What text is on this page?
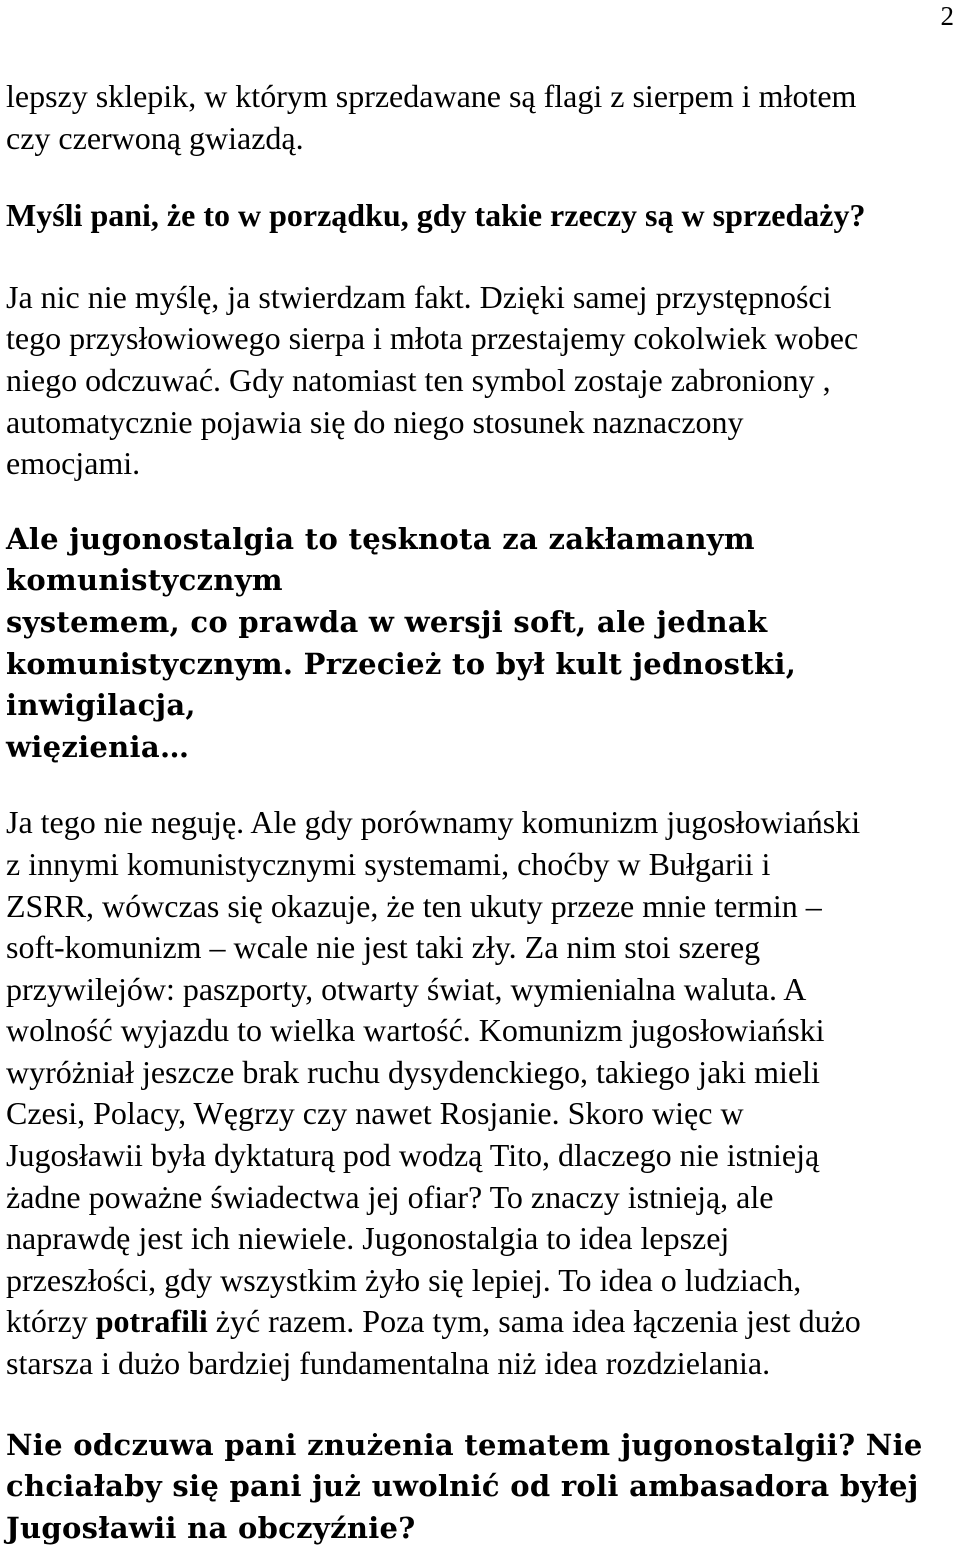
2

lepszy sklepik, w którym sprzedawane są flagi z sierpem i młotem
czy czerwoną gwiazdą.

Myśli pani, że to w porządku, gdy takie rzeczy są w sprzedaży?

Ja nic nie myślę, ja stwierdzam fakt. Dzięki samej przystępności
tego przysłowiowego sierpa i młota przestajemy cokolwiek wobec
niego odczuwać. Gdy natomiast ten symbol zostaje zabroniony ,
automatycznie pojawia się do niego stosunek naznaczony
emocjami.

Ale jugonostalgia to tęsknota za zakłamanym komunistycznym
systemem, co prawda w wersji soft, ale jednak
komunistycznym. Przecież to był kult jednostki, inwigilacja,
więzienia…

Ja tego nie neguję. Ale gdy porównamy komunizm jugosłowiański
z innymi komunistycznymi systemami, choćby w Bułgarii i
ZSRR, wówczas się okazuje, że ten ukuty przeze mnie termin –
soft-komunizm – wcale nie jest taki zły. Za nim stoi szereg
przywilejów: paszporty, otwarty świat, wymienialna waluta. A
wolność wyjazdu to wielka wartość. Komunizm jugosłowiański
wyróżniał jeszcze brak ruchu dysydenckiego, takiego jaki mieli
Czesi, Polacy, Węgrzy czy nawet Rosjanie. Skoro więc w
Jugosławii była dyktaturą pod wodzą Tito, dlaczego nie istnieją
żadne poważne świadectwa jej ofiar? To znaczy istnieją, ale
naprawdę jest ich niewiele. Jugonostalgia to idea lepszej
przeszłości, gdy wszystkim żyło się lepiej. To idea o ludziach,
którzy potrafili żyć razem. Poza tym, sama idea łączenia jest dużo
starsza i dużo bardziej fundamentalna niż idea rozdzielania.

Nie odczuwa pani znużenia tematem jugonostalgii? Nie
chciałaby się pani już uwolnić od roli ambasadora byłej
Jugosławii na obczyźnie?
